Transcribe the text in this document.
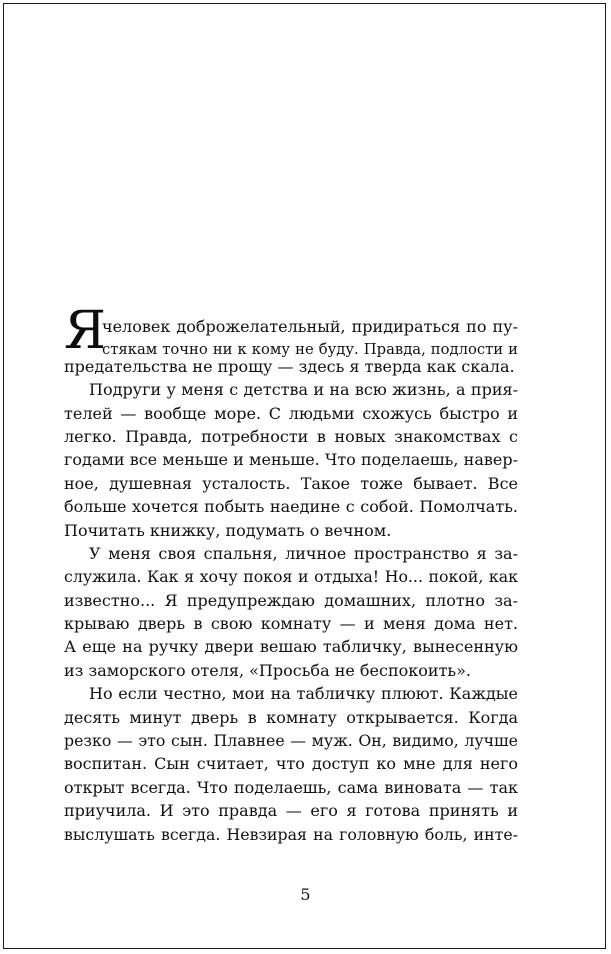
Я
человек доброжелательный, придираться по пу-
стякам точно ни к кому не буду. Правда, подлости и
предательства не прощу — здесь я тверда как скала.
Подруги у меня с детства и на всю жизнь, а прия-
телей — вообще море. С людьми схожусь быстро и
легко. Правда, потребности в новых знакомствах с
годами все меньше и меньше. Что поделаешь, навер-
ное, душевная усталость. Такое тоже бывает. Все
больше хочется побыть наедине с собой. Помолчать.
Почитать книжку, подумать о вечном.
У меня своя спальня, личное пространство я за-
служила. Как я хочу покоя и отдыха! Но... покой, как
известно... Я предупреждаю домашних, плотно за-
крываю дверь в свою комнату — и меня дома нет.
А еще на ручку двери вешаю табличку, вынесенную
из заморского отеля, «Просьба не беспокоить».
Но если честно, мои на табличку плюют. Каждые
десять минут дверь в комнату открывается. Когда
резко — это сын. Плавнее — муж. Он, видимо, лучше
воспитан. Сын считает, что доступ ко мне для него
открыт всегда. Что поделаешь, сама виновата — так
приучила. И это правда — его я готова принять и
выслушать всегда. Невзирая на головную боль, инте-
5
